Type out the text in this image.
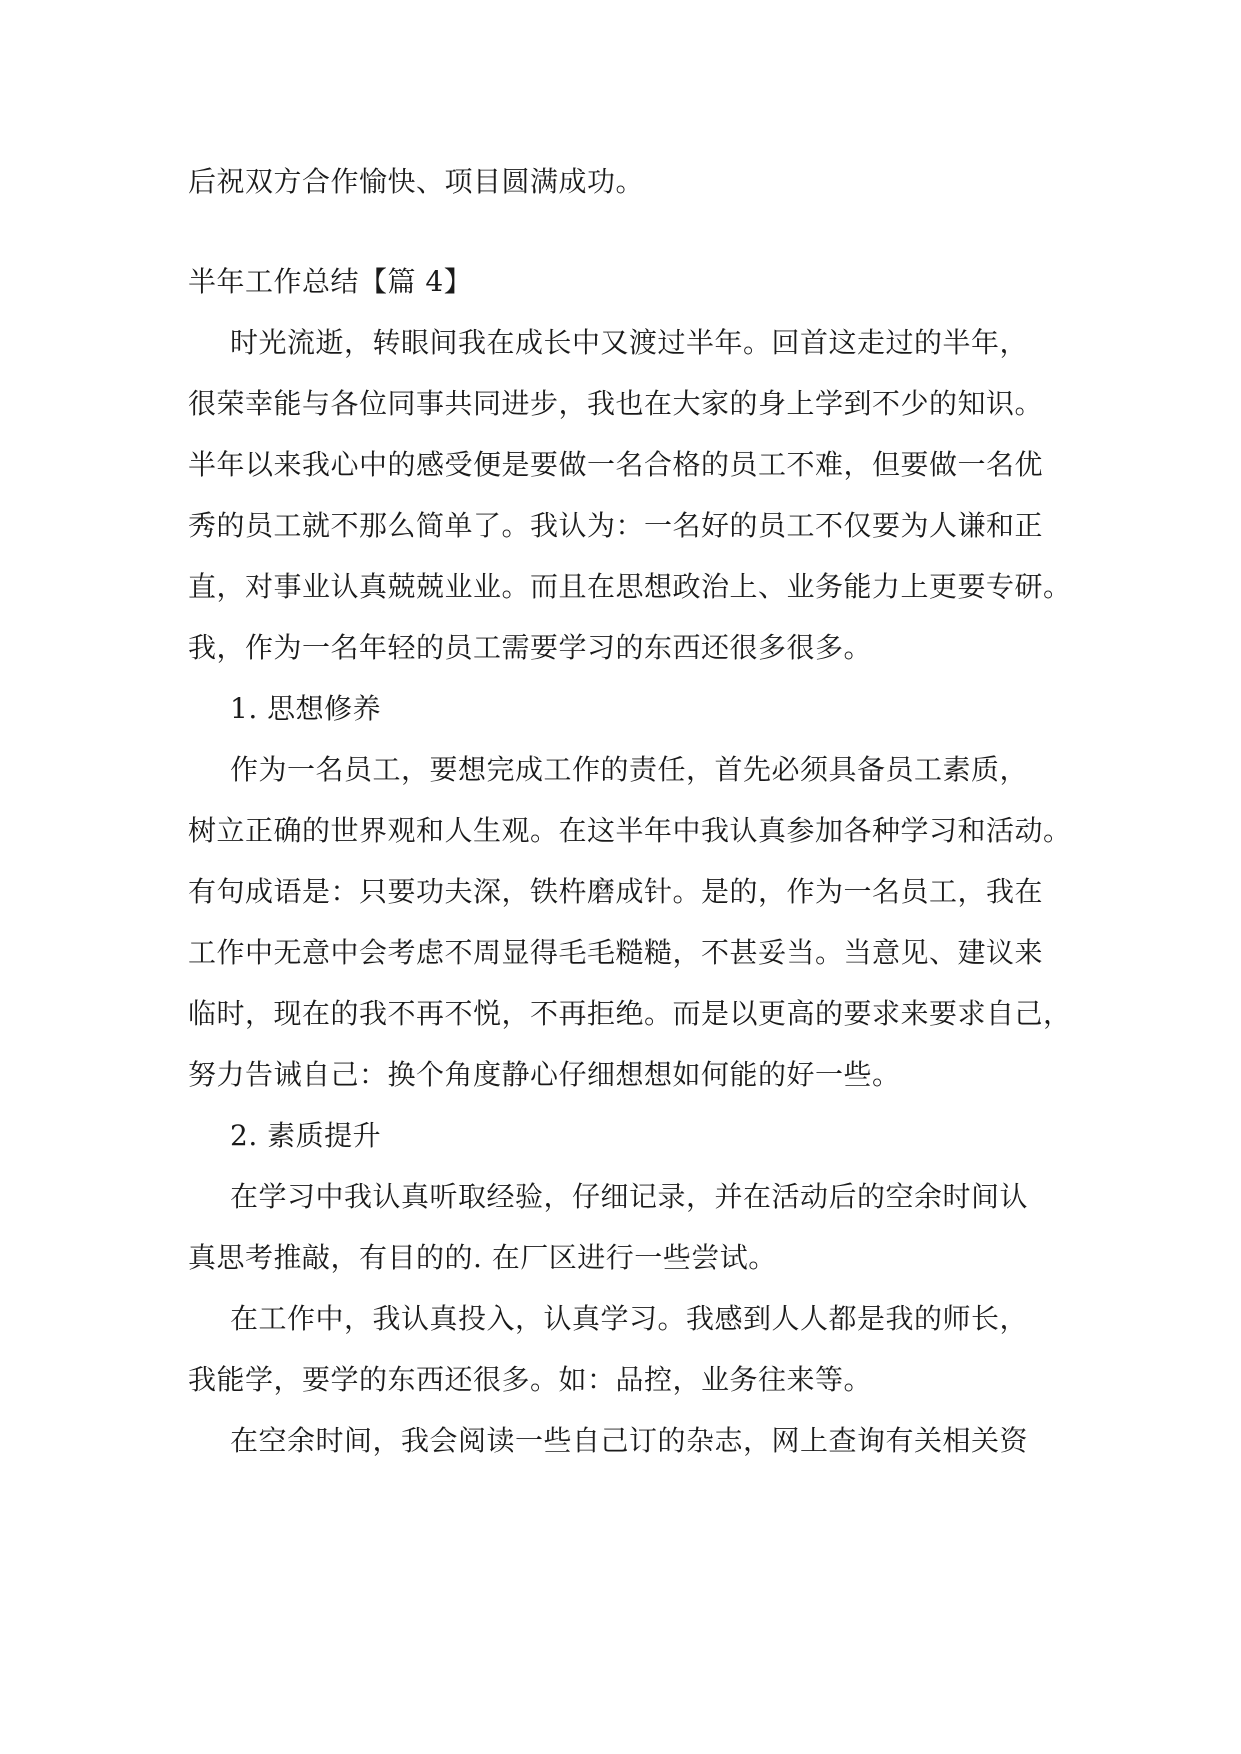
后祝双方合作愉快、项目圆满成功。
半年工作总结【篇 4】
时光流逝，转眼间我在成长中又渡过半年。回首这走过的半年，
很荣幸能与各位同事共同进步，我也在大家的身上学到不少的知识。
半年以来我心中的感受便是要做一名合格的员工不难，但要做一名优
秀的员工就不那么简单了。我认为：一名好的员工不仅要为人谦和正
直，对事业认真兢兢业业。而且在思想政治上、业务能力上更要专研。
我，作为一名年轻的员工需要学习的东西还很多很多。
1. 思想修养
作为一名员工，要想完成工作的责任，首先必须具备员工素质，
树立正确的世界观和人生观。在这半年中我认真参加各种学习和活动。
有句成语是：只要功夫深，铁杵磨成针。是的，作为一名员工，我在
工作中无意中会考虑不周显得毛毛糙糙，不甚妥当。当意见、建议来
临时，现在的我不再不悦，不再拒绝。而是以更高的要求来要求自己，
努力告诫自己：换个角度静心仔细想想如何能的好一些。
2. 素质提升
在学习中我认真听取经验，仔细记录，并在活动后的空余时间认
真思考推敲，有目的的. 在厂区进行一些尝试。
在工作中，我认真投入，认真学习。我感到人人都是我的师长，
我能学，要学的东西还很多。如：品控，业务往来等。
在空余时间，我会阅读一些自己订的杂志，网上查询有关相关资
